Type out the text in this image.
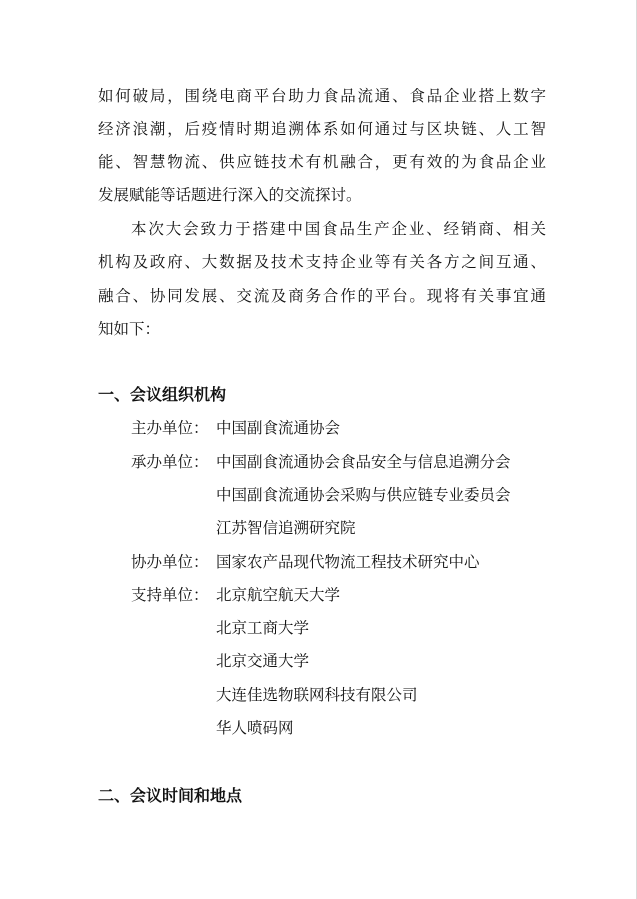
如何破局，围绕电商平台助力食品流通、食品企业搭上数字
经济浪潮，后疫情时期追溯体系如何通过与区块链、人工智
能、智慧物流、供应链技术有机融合，更有效的为食品企业
发展赋能等话题进行深入的交流探讨。
本次大会致力于搭建中国食品生产企业、经销商、相关
机构及政府、大数据及技术支持企业等有关各方之间互通、
融合、协同发展、交流及商务合作的平台。现将有关事宜通
知如下：
一、会议组织机构
主办单位： 中国副食流通协会
承办单位： 中国副食流通协会食品安全与信息追溯分会
中国副食流通协会采购与供应链专业委员会
江苏智信追溯研究院
协办单位： 国家农产品现代物流工程技术研究中心
支持单位： 北京航空航天大学
北京工商大学
北京交通大学
大连佳选物联网科技有限公司
华人喷码网
二、会议时间和地点
